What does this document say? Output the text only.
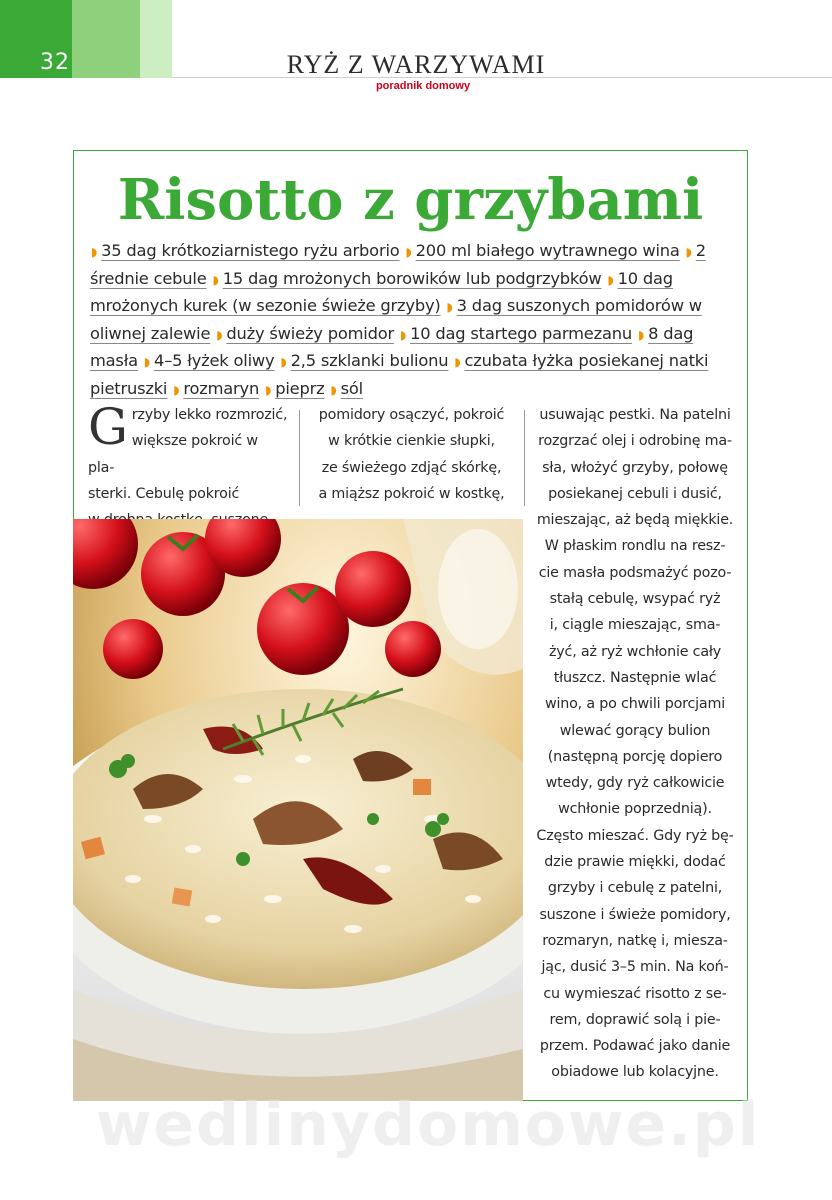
32	RYŻ Z WARZYWAMI
poradnik domowy
Risotto z grzybami
◗ 35 dag krótkoziarnistego ryżu arborio ◗ 200 ml białego wytrawnego wina ◗ 2 średnie cebule ◗ 15 dag mrożonych borowików lub podgrzybków ◗ 10 dag mrożonych kurek (w sezonie świeże grzyby) ◗ 3 dag suszonych pomidorów w oliwnej zalewie ◗ duży świeży pomidor ◗ 10 dag startego parmezanu ◗ 8 dag masła ◗ 4–5 łyżek oliwy ◗ 2,5 szklanki bulionu ◗ czubata łyżka posiekanej natki pietruszki ◗ rozmaryn ◗ pieprz ◗ sól
G rzyby lekko rozmrozić,
większe pokroić w pla-
sterki. Cebulę pokroić
pomidory osączyć, pokroić
w krótkie cienkie słupki,
ze świeżego zdjąć skórkę,
a miąższ pokroić w kostkę,
usuwając pestki. Na patelni
rozgrzać olej i odrobinę ma-
sła, włożyć grzyby, połowę
posiekanej cebuli i dusić,
mieszając, aż będą miękkie.
W płaskim rondlu na resz-
cie masła podsmażyć pozo-
stałą cebulę, wsypać ryż
i, ciągle mieszając, sma-
żyć, aż ryż wchłonie cały
tłuszcz. Następnie wlać
wino, a po chwili porcjami
wlewać gorący bulion
(następną porcję dopiero
wtedy, gdy ryż całkowicie
wchłonie poprzednią).
Często mieszać. Gdy ryż bę-
dzie prawie miękki, dodać
grzyby i cebulę z patelni,
suszone i świeże pomidory,
rozmaryn, natkę i, miesza-
jąc, dusić 3–5 min. Na koń-
cu wymieszać risotto z se-
rem, doprawić solą i pie-
przem. Podawać jako danie
obiadowe lub kolacyjne.
wedlinydomowe.pl
